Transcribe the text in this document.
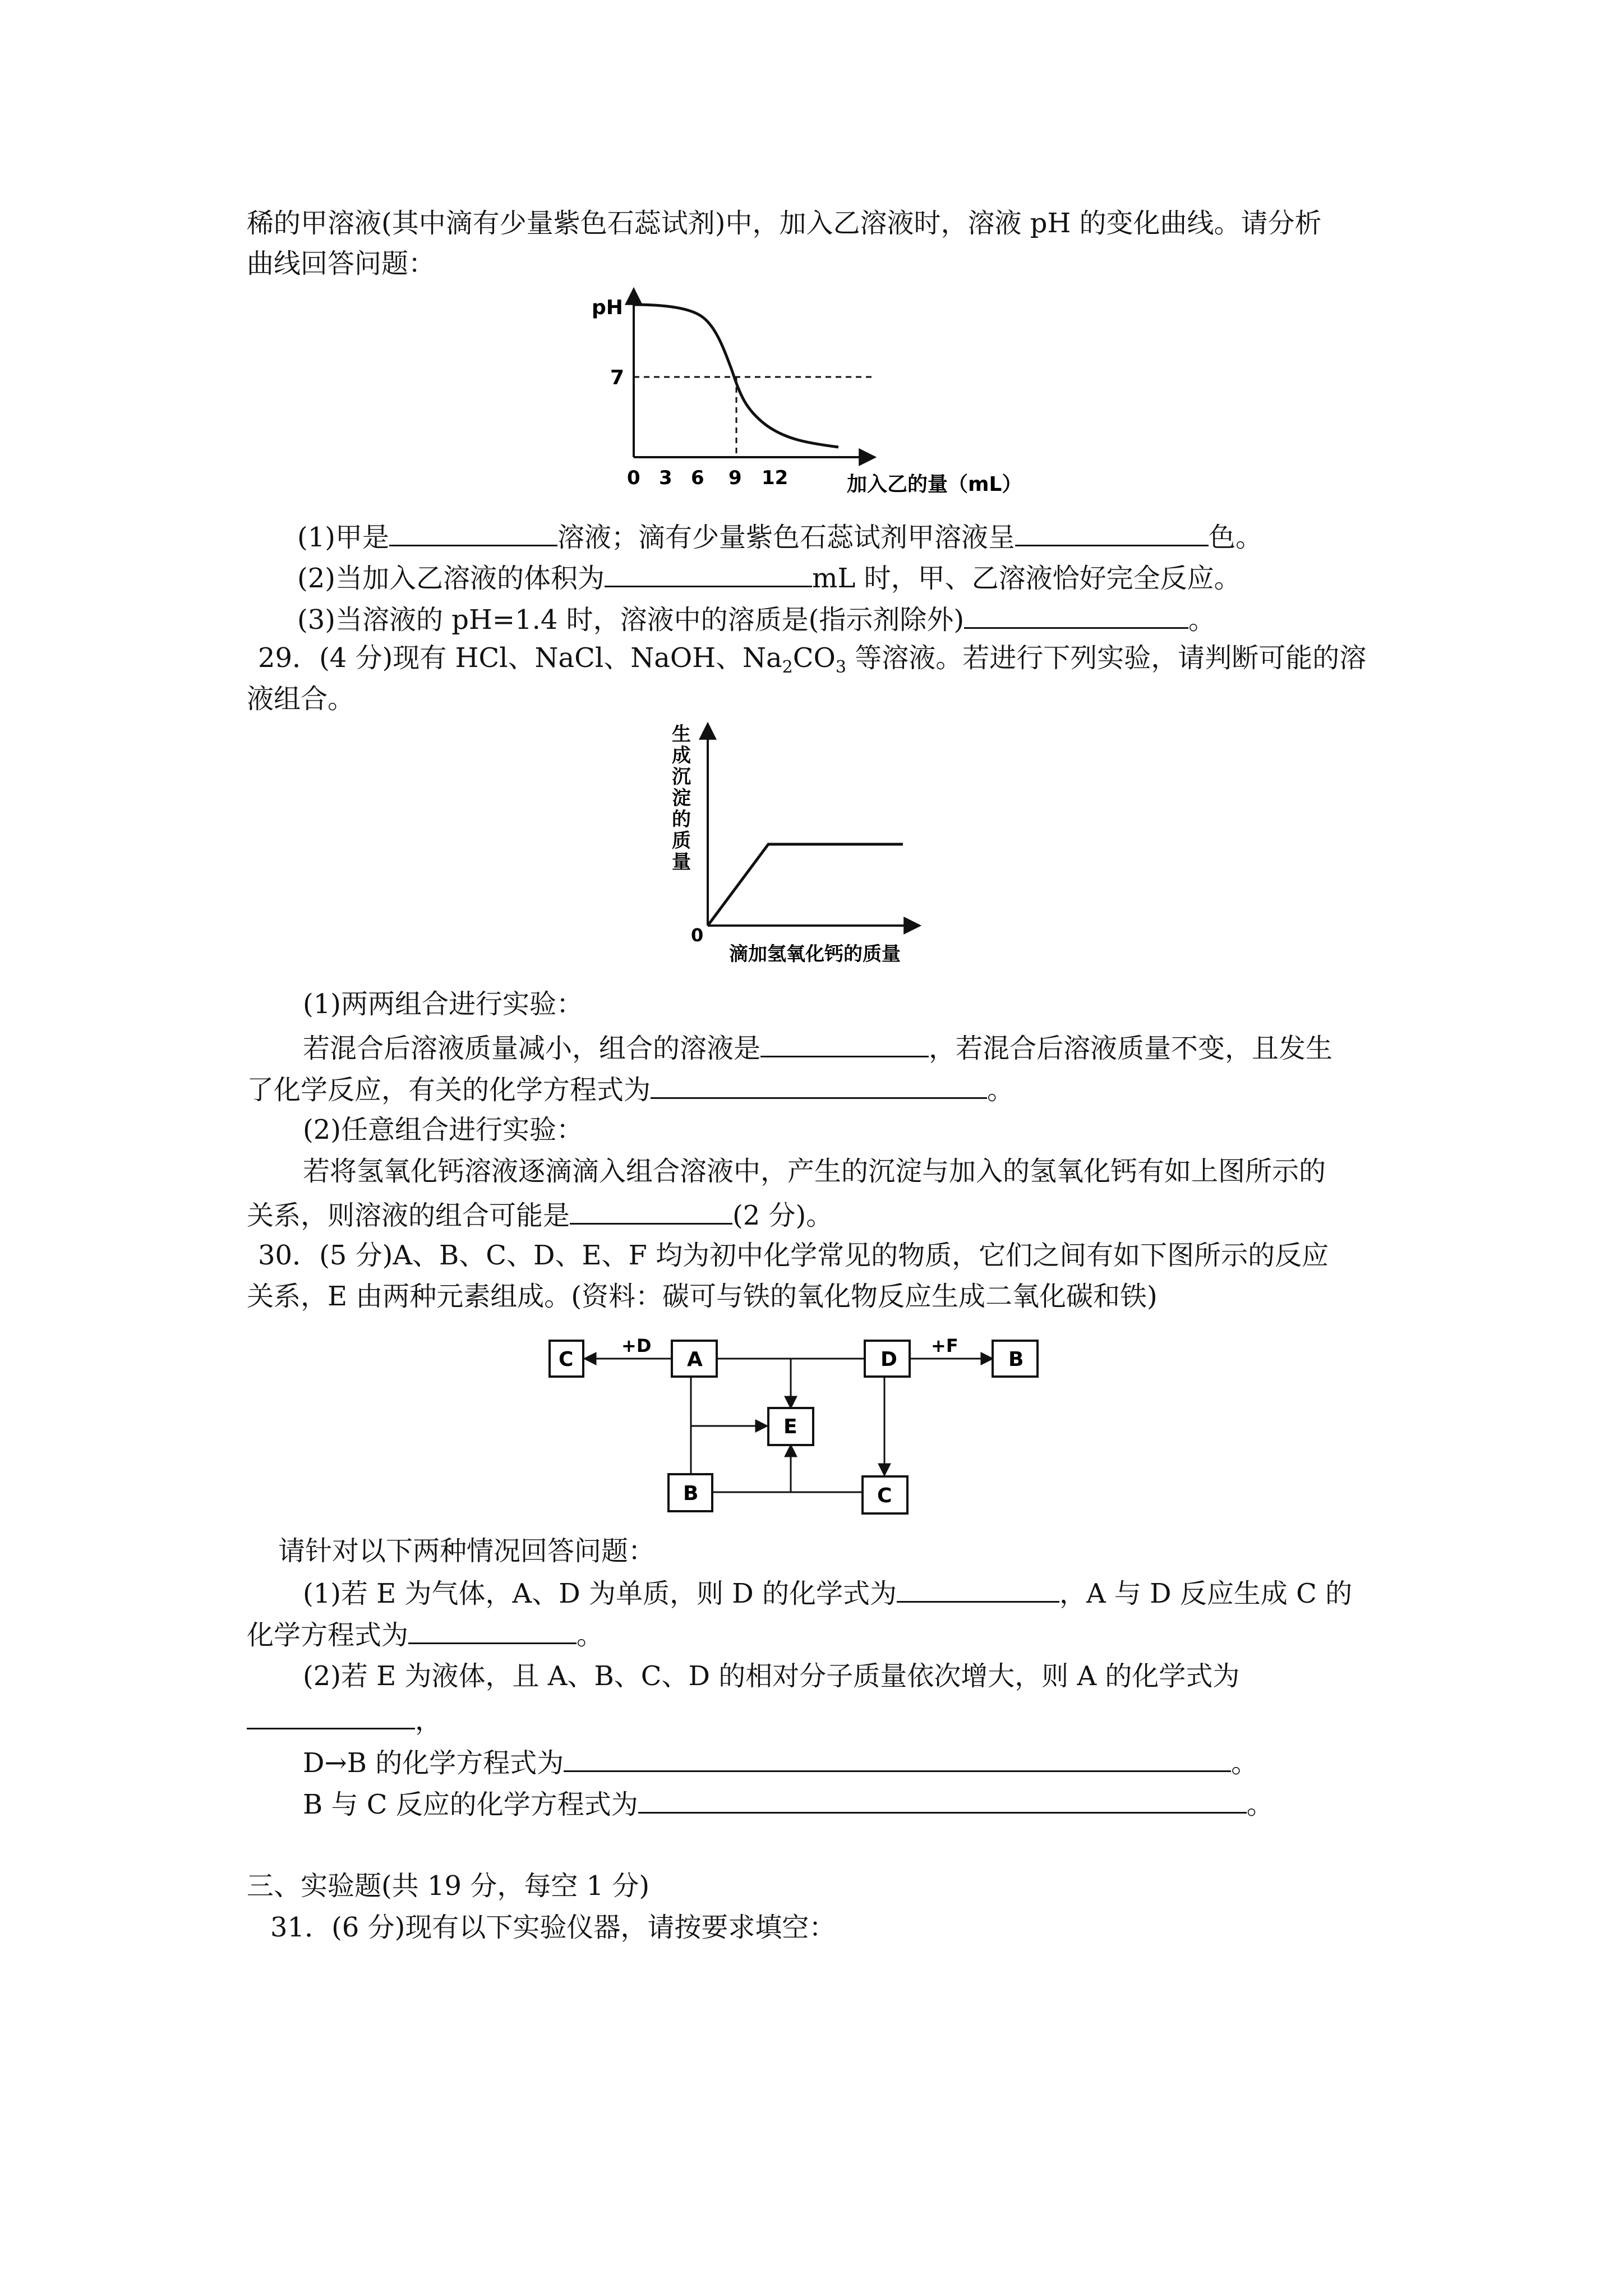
稀的甲溶液(其中滴有少量紫色石蕊试剂)中，加入乙溶液时，溶液 pH 的变化曲线。请分析
曲线回答问题：
pH
7
0 3 6 9 12	加入乙的量（mL）
(1)甲是	溶液；滴有少量紫色石蕊试剂甲溶液呈	色。
(2)当加入乙溶液的体积为	mL 时，甲、乙溶液恰好完全反应。
(3)当溶液的 pH=1.4 时，溶液中的溶质是(指示剂除外)	。
29．(4 分)现有 HCl、NaCl、NaOH、$Na_2CO_3$ 等溶液。若进行下列实验，请判断可能的溶
液组合。
生
成
沉
淀
的
质
量
0
滴加氢氧化钙的质量
(1)两两组合进行实验：
若混合后溶液质量减小，组合的溶液是	，若混合后溶液质量不变，且发生
了化学反应，有关的化学方程式为	。
(2)任意组合进行实验：
若将氢氧化钙溶液逐滴滴入组合溶液中，产生的沉淀与加入的氢氧化钙有如上图所示的
关系，则溶液的组合可能是	(2 分)。
30．(5 分)A、B、C、D、E、F 均为初中化学常见的物质，它们之间有如下图所示的反应
关系，E 由两种元素组成。(资料：碳可与铁的氧化物反应生成二氧化碳和铁)
C	A	D	B
E
B	C
+D	+F
请针对以下两种情况回答问题：
(1)若 E 为气体，A、D 为单质，则 D 的化学式为	，A 与 D 反应生成 C 的
化学方程式为	。
(2)若 E 为液体，且 A、B、C、D 的相对分子质量依次增大，则 A 的化学式为
，
D→B 的化学方程式为	。
B 与 C 反应的化学方程式为	。
三、实验题(共 19 分，每空 1 分)
31．(6 分)现有以下实验仪器，请按要求填空：
